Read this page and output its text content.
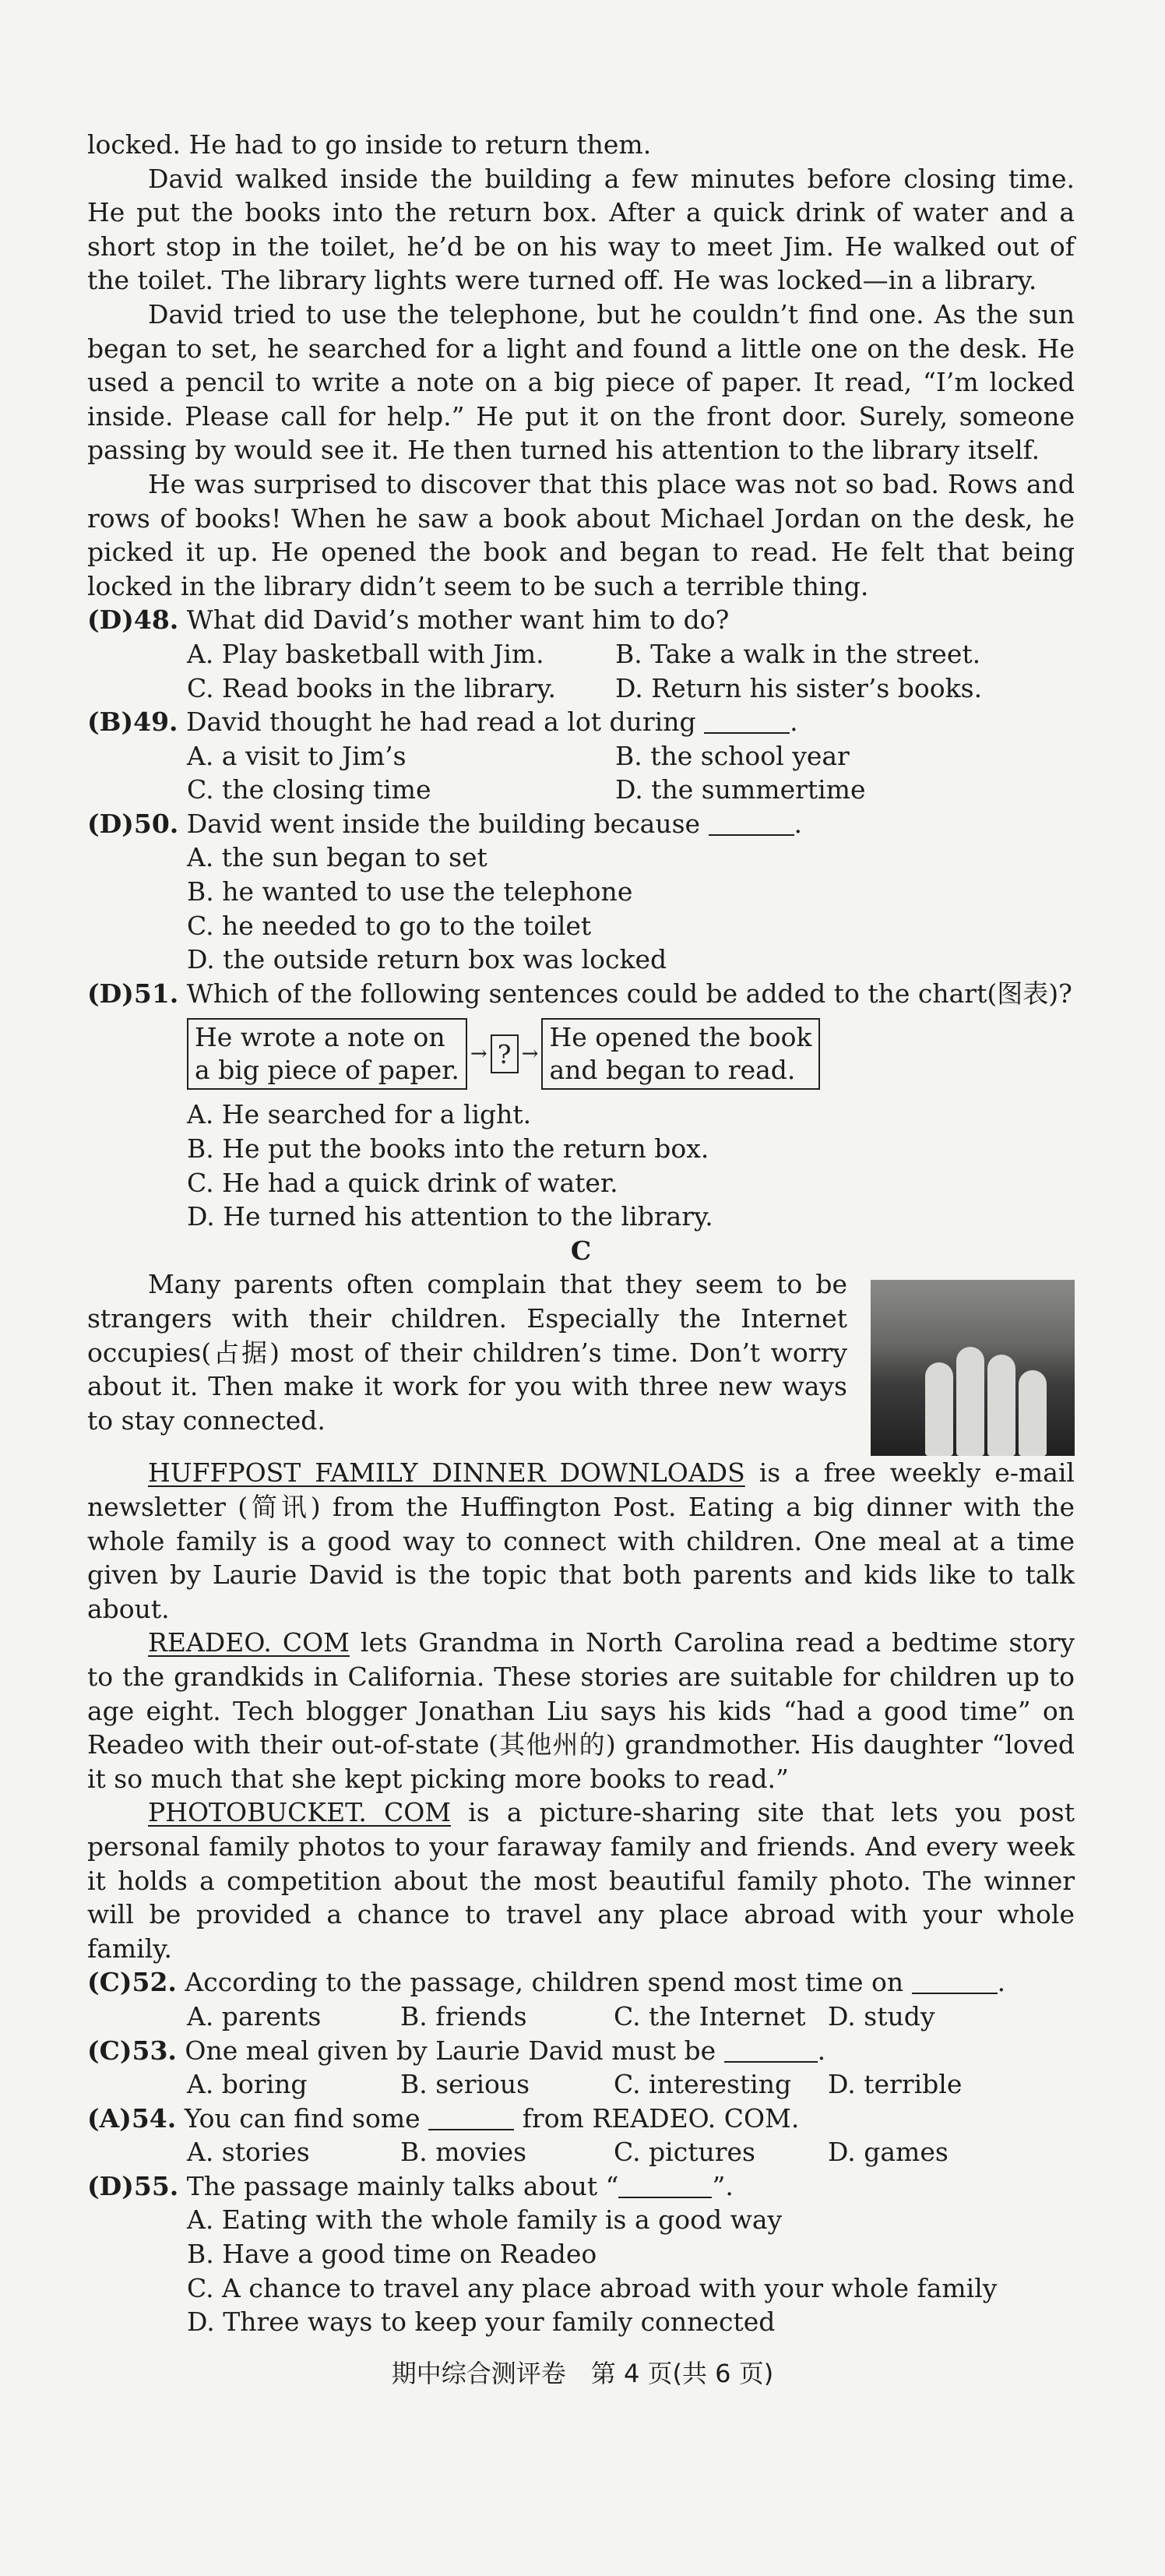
locked. He had to go inside to return them.

David walked inside the building a few minutes before closing time. He put the books into the return box. After a quick drink of water and a short stop in the toilet, he’d be on his way to meet Jim. He walked out of the toilet. The library lights were turned off. He was locked—in a library.

David tried to use the telephone, but he couldn’t find one. As the sun began to set, he searched for a light and found a little one on the desk. He used a pencil to write a note on a big piece of paper. It read, “I’m locked inside. Please call for help.” He put it on the front door. Surely, someone passing by would see it. He then turned his attention to the library itself.

He was surprised to discover that this place was not so bad. Rows and rows of books! When he saw a book about Michael Jordan on the desk, he picked it up. He opened the book and began to read. He felt that being locked in the library didn’t seem to be such a terrible thing.

(D)48. What did David’s mother want him to do?

A. Play basketball with Jim.	B. Take a walk in the street.
C. Read books in the library.	D. Return his sister’s books.

(B)49. David thought he had read a lot during	.

A. a visit to Jim’s	B. the school year
C. the closing time	D. the summertime

(D)50. David went inside the building because	.

A. the sun began to set
B. he wanted to use the telephone
C. he needed to go to the toilet
D. the outside return box was locked

(D)51. Which of the following sentences could be added to the chart(图表)?

He wrote a note on
a big piece of paper.
→ ? →
He opened the book
and began to read.
A. He searched for a light.
B. He put the books into the return box.
C. He had a quick drink of water.
D. He turned his attention to the library.

C

Many parents often complain that they seem to be strangers with their children. Especially the Internet occupies(占据) most of their children’s time. Don’t worry about it. Then make it work for you with three new ways to stay connected.

HUFFPOST FAMILY DINNER DOWNLOADS is a free weekly e-mail newsletter (简讯) from the Huffington Post. Eating a big dinner with the whole family is a good way to connect with children. One meal at a time given by Laurie David is the topic that both parents and kids like to talk about.

READEO. COM lets Grandma in North Carolina read a bedtime story to the grandkids in California. These stories are suitable for children up to age eight. Tech blogger Jonathan Liu says his kids “had a good time” on Readeo with their out-of-state (其他州的) grandmother. His daughter “loved it so much that she kept picking more books to read.”

PHOTOBUCKET. COM is a picture-sharing site that lets you post personal family photos to your faraway family and friends. And every week it holds a competition about the most beautiful family photo. The winner will be provided a chance to travel any place abroad with your whole family.

(C)52. According to the passage, children spend most time on	.

A. parents	B. friends	C. the Internet D. study

(C)53. One meal given by Laurie David must be	.

A. boring	B. serious	C. interesting	D. terrible

(A)54. You can find some	from READEO. COM.

A. stories	B. movies	C. pictures	D. games

(D)55. The passage mainly talks about “	”.

A. Eating with the whole family is a good way
B. Have a good time on Readeo
C. A chance to travel any place abroad with your whole family
D. Three ways to keep your family connected
期中综合测评卷　第 4 页(共 6 页)
